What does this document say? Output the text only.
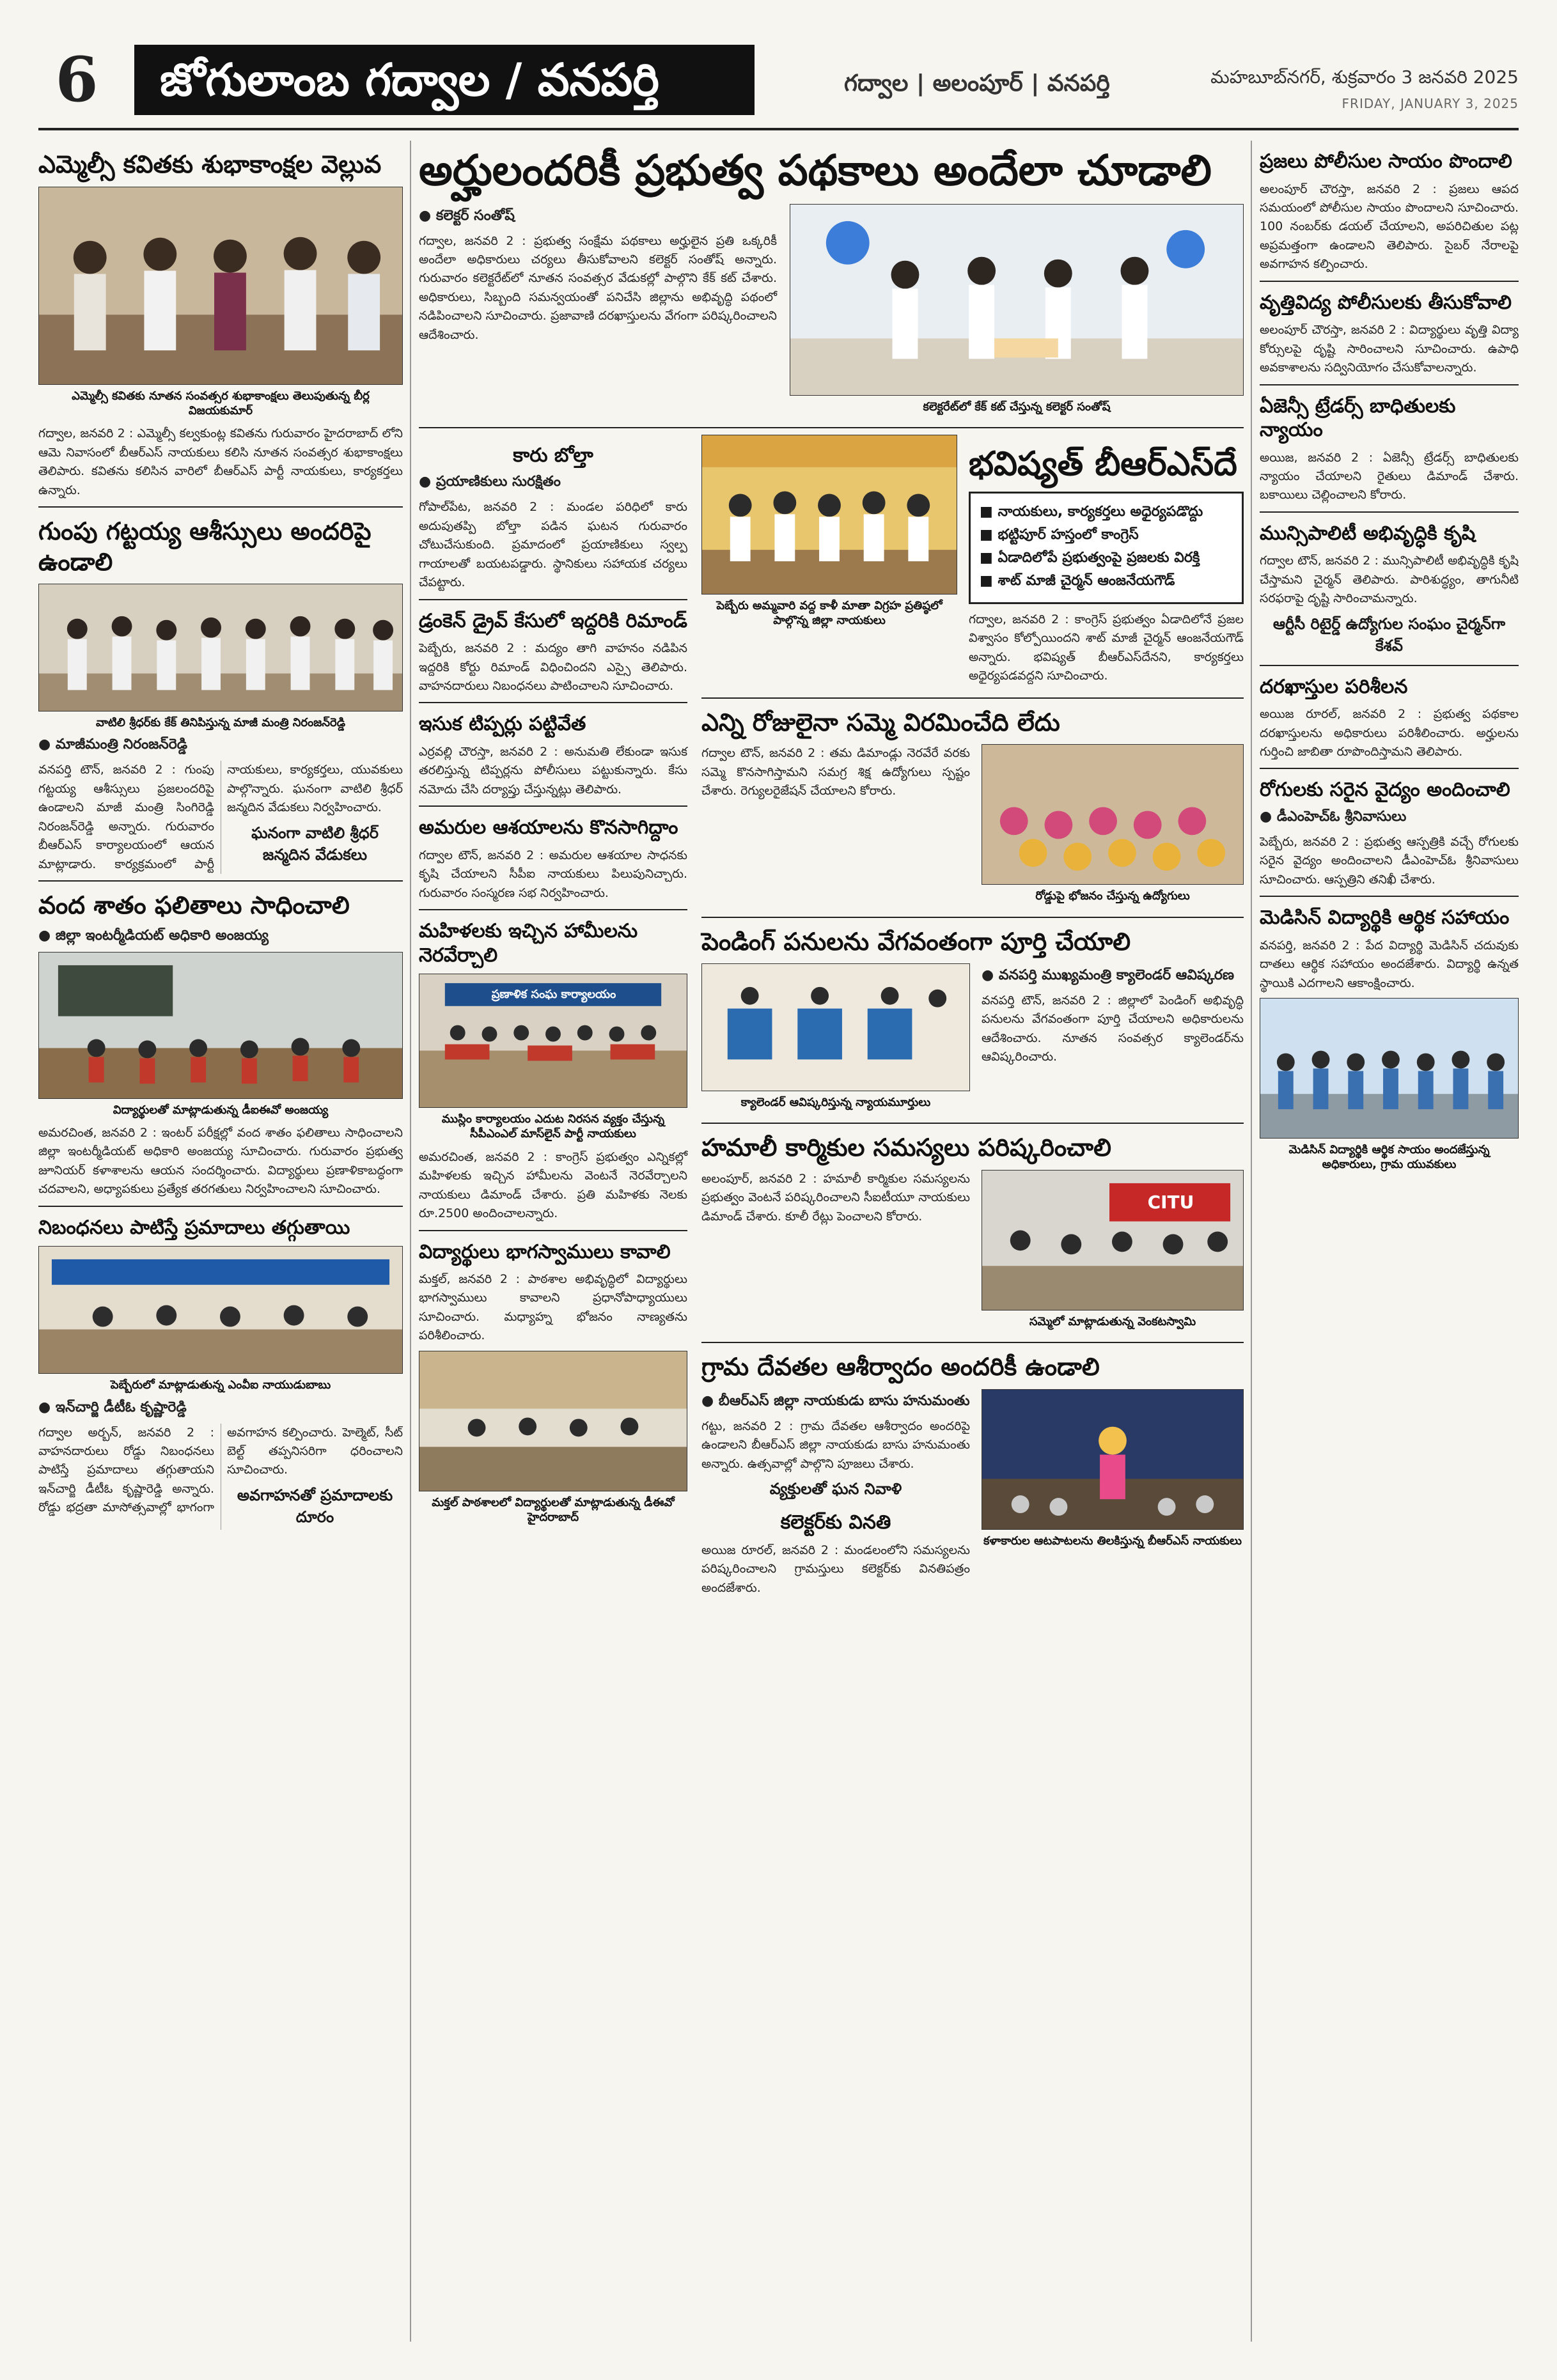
6	జోగులాంబ గద్వాల / వనపర్తి	గద్వాల | అలంపూర్ | వనపర్తి	మహబూబ్‌నగర్, శుక్రవారం 3 జనవరి 2025
FRIDAY, JANUARY 3, 2025
ఎమ్మెల్సీ కవితకు శుభాకాంక్షల వెల్లువ
ఎమ్మెల్సీ కవితకు నూతన సంవత్సర శుభాకాంక్షలు తెలుపుతున్న బీర్ల విజయకుమార్

గద్వాల, జనవరి 2 : ఎమ్మెల్సీ కల్వకుంట్ల కవితను గురువారం హైదరాబాద్ లోని ఆమె నివాసంలో బీఆర్‌ఎస్ నాయకులు కలిసి నూతన సంవత్సర శుభాకాంక్షలు తెలిపారు. కవితను కలిసిన వారిలో బీఆర్‌ఎస్ పార్టీ నాయకులు, కార్యకర్తలు ఉన్నారు.

గుంపు గట్టయ్య ఆశీస్సులు అందరిపై ఉండాలి
వాటిలి శ్రీధర్‌కు కేక్ తినిపిస్తున్న మాజీ మంత్రి నిరంజన్‌రెడ్డి
● మాజీమంత్రి నిరంజన్‌రెడ్డి

వనపర్తి టౌన్, జనవరి 2 : గుంపు గట్టయ్య ఆశీస్సులు ప్రజలందరిపై ఉండాలని మాజీ మంత్రి సింగిరెడ్డి నిరంజన్‌రెడ్డి అన్నారు. గురువారం బీఆర్‌ఎస్ కార్యాలయంలో ఆయన మాట్లాడారు. కార్యక్రమంలో పార్టీ నాయకులు, కార్యకర్తలు, యువకులు పాల్గొన్నారు. ఘనంగా వాటిలి శ్రీధర్ జన్మదిన వేడుకలు నిర్వహించారు.

ఘనంగా వాటిలి శ్రీధర్ జన్మదిన వేడుకలు
వంద శాతం ఫలితాలు సాధించాలి
● జిల్లా ఇంటర్మీడియట్ అధికారి అంజయ్య
విద్యార్థులతో మాట్లాడుతున్న డీఐఈవో అంజయ్య

అమరచింత, జనవరి 2 : ఇంటర్ పరీక్షల్లో వంద శాతం ఫలితాలు సాధించాలని జిల్లా ఇంటర్మీడియట్ అధికారి అంజయ్య సూచించారు. గురువారం ప్రభుత్వ జూనియర్ కళాశాలను ఆయన సందర్శించారు. విద్యార్థులు ప్రణాళికాబద్ధంగా చదవాలని, అధ్యాపకులు ప్రత్యేక తరగతులు నిర్వహించాలని సూచించారు.

నిబంధనలు పాటిస్తే ప్రమాదాలు తగ్గుతాయి
పెబ్బేరులో మాట్లాడుతున్న ఎంవీఐ నాయుడుబాబు
● ఇన్‌చార్జి డీటీఓ కృష్ణారెడ్డి

గద్వాల అర్బన్, జనవరి 2 : వాహనదారులు రోడ్డు నిబంధనలు పాటిస్తే ప్రమాదాలు తగ్గుతాయని ఇన్‌చార్జి డీటీఓ కృష్ణారెడ్డి అన్నారు. రోడ్డు భద్రతా మాసోత్సవాల్లో భాగంగా అవగాహన కల్పించారు. హెల్మెట్, సీట్ బెల్ట్ తప్పనిసరిగా ధరించాలని సూచించారు.

అవగాహనతో ప్రమాదాలకు దూరం
అర్హులందరికీ ప్రభుత్వ పథకాలు అందేలా చూడాలి
● కలెక్టర్ సంతోష్

గద్వాల, జనవరి 2 : ప్రభుత్వ సంక్షేమ పథకాలు అర్హులైన ప్రతి ఒక్కరికీ అందేలా అధికారులు చర్యలు తీసుకోవాలని కలెక్టర్ సంతోష్ అన్నారు. గురువారం కలెక్టరేట్‌లో నూతన సంవత్సర వేడుకల్లో పాల్గొని కేక్ కట్ చేశారు. అధికారులు, సిబ్బంది సమన్వయంతో పనిచేసి జిల్లాను అభివృద్ధి పథంలో నడిపించాలని సూచించారు. ప్రజావాణి దరఖాస్తులను వేగంగా పరిష్కరించాలని ఆదేశించారు.

కలెక్టరేట్‌లో కేక్ కట్ చేస్తున్న కలెక్టర్ సంతోష్
కారు బోల్తా
● ప్రయాణికులు సురక్షితం

గోపాల్‌పేట, జనవరి 2 : మండల పరిధిలో కారు అదుపుతప్పి బోల్తా పడిన ఘటన గురువారం చోటుచేసుకుంది. ప్రమాదంలో ప్రయాణికులు స్వల్ప గాయాలతో బయటపడ్డారు. స్థానికులు సహాయక చర్యలు చేపట్టారు.

డ్రంకెన్ డ్రైవ్ కేసులో ఇద్దరికి రిమాండ్

పెబ్బేరు, జనవరి 2 : మద్యం తాగి వాహనం నడిపిన ఇద్దరికి కోర్టు రిమాండ్ విధించిందని ఎస్సై తెలిపారు. వాహనదారులు నిబంధనలు పాటించాలని సూచించారు.

ఇసుక టిప్పర్లు పట్టివేత

ఎర్రవల్లి చౌరస్తా, జనవరి 2 : అనుమతి లేకుండా ఇసుక తరలిస్తున్న టిప్పర్లను పోలీసులు పట్టుకున్నారు. కేసు నమోదు చేసి దర్యాప్తు చేస్తున్నట్లు తెలిపారు.

అమరుల ఆశయాలను కొనసాగిద్దాం

గద్వాల టౌన్, జనవరి 2 : అమరుల ఆశయాల సాధనకు కృషి చేయాలని సీపీఐ నాయకులు పిలుపునిచ్చారు. గురువారం సంస్మరణ సభ నిర్వహించారు.

మహిళలకు ఇచ్చిన హామీలను నెరవేర్చాలి
ప్రణాళిక సంఘ కార్యాలయం
ముస్లిం కార్యాలయం ఎదుట నిరసన వ్యక్తం చేస్తున్న సీపీఎంఎల్ మాస్‌లైన్ పార్టీ నాయకులు

అమరచింత, జనవరి 2 : కాంగ్రెస్ ప్రభుత్వం ఎన్నికల్లో మహిళలకు ఇచ్చిన హామీలను వెంటనే నెరవేర్చాలని నాయకులు డిమాండ్ చేశారు. ప్రతి మహిళకు నెలకు రూ.2500 అందించాలన్నారు.

విద్యార్థులు భాగస్వాములు కావాలి

మక్తల్, జనవరి 2 : పాఠశాల అభివృద్ధిలో విద్యార్థులు భాగస్వాములు కావాలని ప్రధానోపాధ్యాయులు సూచించారు. మధ్యాహ్న భోజనం నాణ్యతను పరిశీలించారు.

మక్తల్ పాఠశాలలో విద్యార్థులతో మాట్లాడుతున్న డీఈవో హైదరాబాద్
పెబ్బేరు అమ్మవారి వద్ద కాళీ మాతా విగ్రహ ప్రతిష్ఠలో పాల్గొన్న జిల్లా నాయకులు
భవిష్యత్ బీఆర్‌ఎస్‌దే
■ నాయకులు, కార్యకర్తలు అధైర్యపడొద్దు
■ భట్టిపూర్ హస్తంలో కాంగ్రెస్
■ ఏడాదిలోపే ప్రభుత్వంపై ప్రజలకు విరక్తి
■ శాట్ మాజీ చైర్మన్ ఆంజనేయగౌడ్

గద్వాల, జనవరి 2 : కాంగ్రెస్ ప్రభుత్వం ఏడాదిలోనే ప్రజల విశ్వాసం కోల్పోయిందని శాట్ మాజీ చైర్మన్ ఆంజనేయగౌడ్ అన్నారు. భవిష్యత్ బీఆర్‌ఎస్‌దేనని, కార్యకర్తలు అధైర్యపడవద్దని సూచించారు.

ఎన్ని రోజులైనా సమ్మె విరమించేది లేదు

గద్వాల టౌన్, జనవరి 2 : తమ డిమాండ్లు నెరవేరే వరకు సమ్మె కొనసాగిస్తామని సమగ్ర శిక్ష ఉద్యోగులు స్పష్టం చేశారు. రెగ్యులరైజేషన్ చేయాలని కోరారు.

రోడ్డుపై భోజనం చేస్తున్న ఉద్యోగులు
పెండింగ్ పనులను వేగవంతంగా పూర్తి చేయాలి
క్యాలెండర్ ఆవిష్కరిస్తున్న న్యాయమూర్తులు
● వనపర్తి ముఖ్యమంత్రి క్యాలెండర్ ఆవిష్కరణ

వనపర్తి టౌన్, జనవరి 2 : జిల్లాలో పెండింగ్ అభివృద్ధి పనులను వేగవంతంగా పూర్తి చేయాలని అధికారులను ఆదేశించారు. నూతన సంవత్సర క్యాలెండర్‌ను ఆవిష్కరించారు.

హమాలీ కార్మికుల సమస్యలు పరిష్కరించాలి

అలంపూర్, జనవరి 2 : హమాలీ కార్మికుల సమస్యలను ప్రభుత్వం వెంటనే పరిష్కరించాలని సీఐటీయూ నాయకులు డిమాండ్ చేశారు. కూలీ రేట్లు పెంచాలని కోరారు.

CITU
సమ్మెలో మాట్లాడుతున్న వెంకటస్వామి
గ్రామ దేవతల ఆశీర్వాదం అందరికీ ఉండాలి
● బీఆర్‌ఎస్ జిల్లా నాయకుడు బాసు హనుమంతు

గట్టు, జనవరి 2 : గ్రామ దేవతల ఆశీర్వాదం అందరిపై ఉండాలని బీఆర్‌ఎస్ జిల్లా నాయకుడు బాసు హనుమంతు అన్నారు. ఉత్సవాల్లో పాల్గొని పూజలు చేశారు.

వ్యక్తులతో ఘన నివాళి
కలెక్టర్‌కు వినతి

అయిజ రూరల్, జనవరి 2 : మండలంలోని సమస్యలను పరిష్కరించాలని గ్రామస్తులు కలెక్టర్‌కు వినతిపత్రం అందజేశారు.

కళాకారుల ఆటపాటలను తిలకిస్తున్న బీఆర్‌ఎస్ నాయకులు
ప్రజలు పోలీసుల సాయం పొందాలి

అలంపూర్ చౌరస్తా, జనవరి 2 : ప్రజలు ఆపద సమయంలో పోలీసుల సాయం పొందాలని సూచించారు. 100 నంబర్‌కు డయల్ చేయాలని, అపరిచితుల పట్ల అప్రమత్తంగా ఉండాలని తెలిపారు. సైబర్ నేరాలపై అవగాహన కల్పించారు.

వృత్తివిద్య పోలీసులకు తీసుకోవాలి

అలంపూర్ చౌరస్తా, జనవరి 2 : విద్యార్థులు వృత్తి విద్యా కోర్సులపై దృష్టి సారించాలని సూచించారు. ఉపాధి అవకాశాలను సద్వినియోగం చేసుకోవాలన్నారు.

ఏజెన్సీ ట్రేడర్స్ బాధితులకు న్యాయం

అయిజ, జనవరి 2 : ఏజెన్సీ ట్రేడర్స్ బాధితులకు న్యాయం చేయాలని రైతులు డిమాండ్ చేశారు. బకాయిలు చెల్లించాలని కోరారు.

మున్సిపాలిటీ అభివృద్ధికి కృషి

గద్వాల టౌన్, జనవరి 2 : మున్సిపాలిటీ అభివృద్ధికి కృషి చేస్తామని చైర్మన్ తెలిపారు. పారిశుద్ధ్యం, తాగునీటి సరఫరాపై దృష్టి సారించామన్నారు.

ఆర్టీసీ రిటైర్డ్ ఉద్యోగుల సంఘం చైర్మన్‌గా కేశవ్
దరఖాస్తుల పరిశీలన

అయిజ రూరల్, జనవరి 2 : ప్రభుత్వ పథకాల దరఖాస్తులను అధికారులు పరిశీలించారు. అర్హులను గుర్తించి జాబితా రూపొందిస్తామని తెలిపారు.

రోగులకు సరైన వైద్యం అందించాలి
● డీఎంహెచ్‌ఓ శ్రీనివాసులు

పెబ్బేరు, జనవరి 2 : ప్రభుత్వ ఆస్పత్రికి వచ్చే రోగులకు సరైన వైద్యం అందించాలని డీఎంహెచ్‌ఓ శ్రీనివాసులు సూచించారు. ఆస్పత్రిని తనిఖీ చేశారు.

మెడిసిన్ విద్యార్థికి ఆర్థిక సహాయం

వనపర్తి, జనవరి 2 : పేద విద్యార్థి మెడిసిన్ చదువుకు దాతలు ఆర్థిక సహాయం అందజేశారు. విద్యార్థి ఉన్నత స్థాయికి ఎదగాలని ఆకాంక్షించారు.

మెడిసిన్ విద్యార్థికి ఆర్థిక సాయం అందజేస్తున్న అధికారులు, గ్రామ యువకులు
